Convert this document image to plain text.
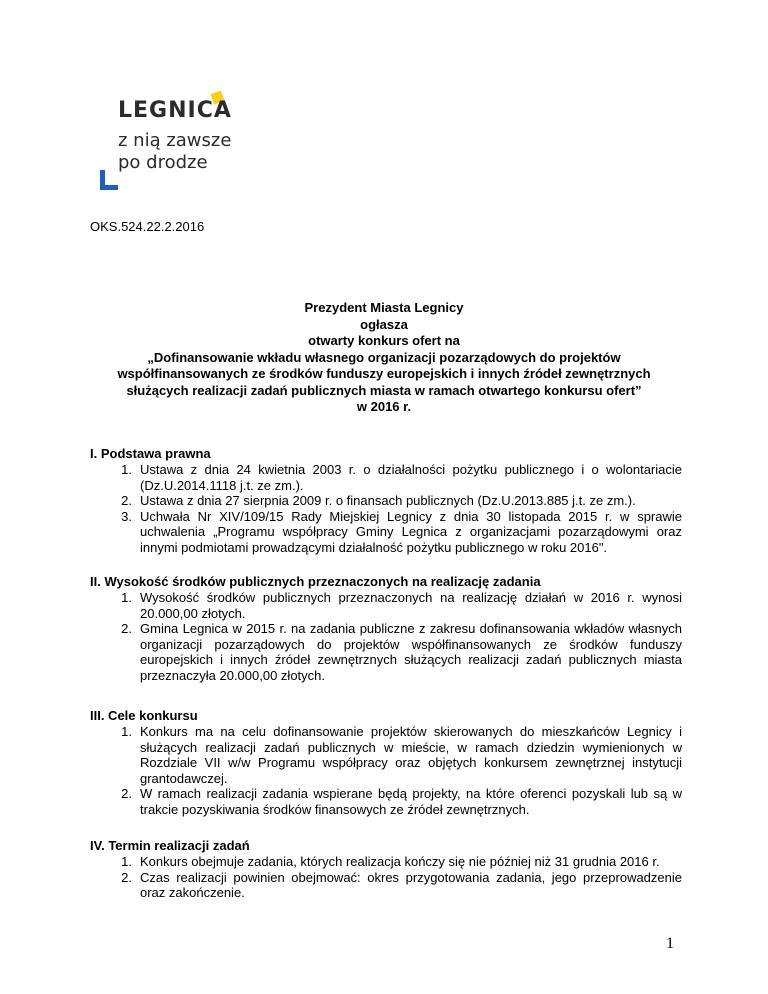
LEGNICA
z nią zawsze
po drodze
OKS.524.22.2.2016
Prezydent Miasta Legnicy
ogłasza
otwarty konkurs ofert na
„Dofinansowanie wkładu własnego organizacji pozarządowych do projektów
współfinansowanych ze środków funduszy europejskich i innych źródeł zewnętrznych
służących realizacji zadań publicznych miasta w ramach otwartego konkursu ofert”
w 2016 r.
I. Podstawa prawna
1. Ustawa z dnia 24 kwietnia 2003 r. o działalności pożytku publicznego i o wolontariacie (Dz.U.2014.1118 j.t. ze zm.).
2. Ustawa z dnia 27 sierpnia 2009 r. o finansach publicznych (Dz.U.2013.885 j.t. ze zm.).
3. Uchwała Nr XIV/109/15 Rady Miejskiej Legnicy z dnia 30 listopada 2015 r. w sprawie uchwalenia „Programu współpracy Gminy Legnica z organizacjami pozarządowymi oraz innymi podmiotami prowadzącymi działalność pożytku publicznego w roku 2016".
II. Wysokość środków publicznych przeznaczonych na realizację zadania
1. Wysokość środków publicznych przeznaczonych na realizację działań w 2016 r. wynosi 20.000,00 złotych.
2. Gmina Legnica w 2015 r. na zadania publiczne z zakresu dofinansowania wkładów własnych organizacji pozarządowych do projektów współfinansowanych ze środków funduszy europejskich i innych źródeł zewnętrznych służących realizacji zadań publicznych miasta przeznaczyła 20.000,00 złotych.
III. Cele konkursu
1. Konkurs ma na celu dofinansowanie projektów skierowanych do mieszkańców Legnicy i służących realizacji zadań publicznych w mieście, w ramach dziedzin wymienionych w Rozdziale VII w/w Programu współpracy oraz objętych konkursem zewnętrznej instytucji grantodawczej.
2. W ramach realizacji zadania wspierane będą projekty, na które oferenci pozyskali lub są w trakcie pozyskiwania środków finansowych ze źródeł zewnętrznych.
IV. Termin realizacji zadań
1. Konkurs obejmuje zadania, których realizacja kończy się nie później niż 31 grudnia 2016 r.
2. Czas realizacji powinien obejmować: okres przygotowania zadania, jego przeprowadzenie oraz zakończenie.
1
